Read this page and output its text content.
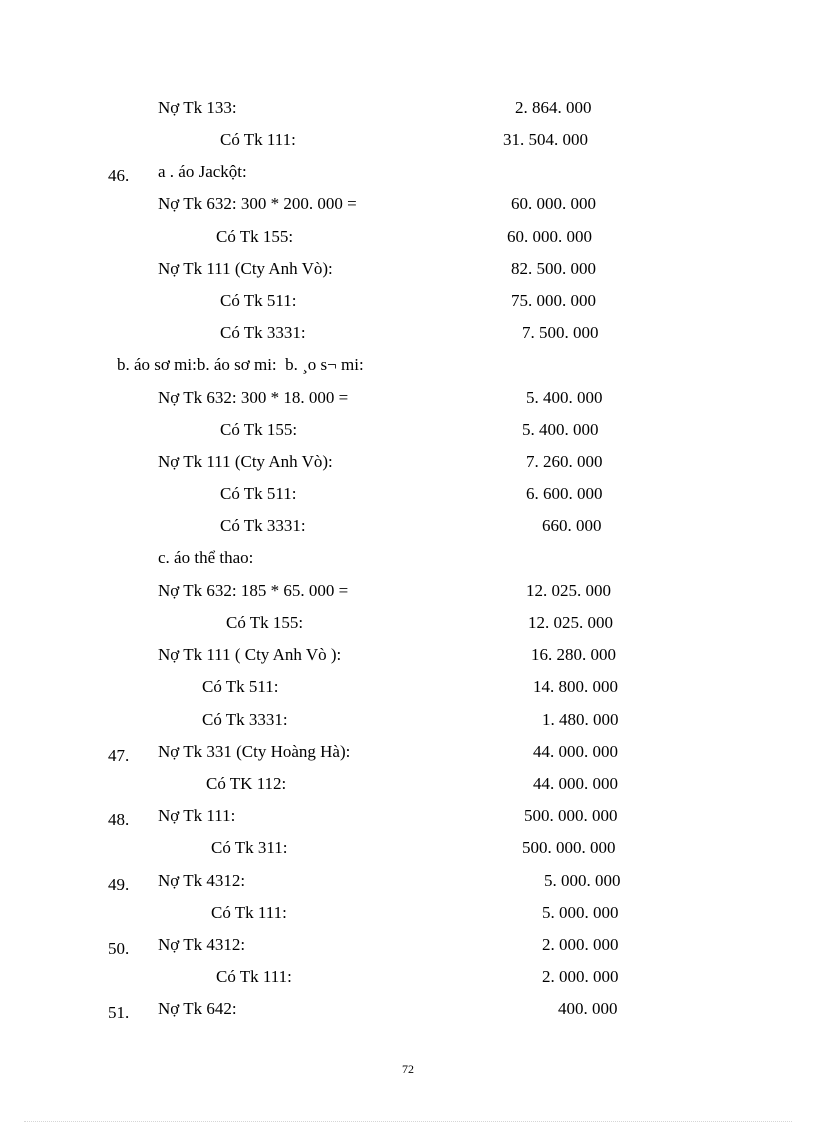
Nợ Tk 133:	2. 864. 000
Có Tk 111:	31. 504. 000
46. a . áo Jackột:
Nợ Tk 632: 300 * 200. 000 =	60. 000. 000
Có Tk 155:	60. 000. 000
Nợ Tk 111 (Cty Anh Vò):	82. 500. 000
Có Tk 511:	75. 000. 000
Có Tk 3331:	7. 500. 000
b. áo sơ mi:b. áo sơ mi:  b. ¸o s¬ mi:
Nợ Tk 632: 300 * 18. 000 =	5. 400. 000
Có Tk 155:	5. 400. 000
Nợ Tk 111 (Cty Anh Vò):	7. 260. 000
Có Tk 511:	6. 600. 000
Có Tk 3331:	660. 000
c. áo thể thao:
Nợ Tk 632: 185 * 65. 000 =	12. 025. 000
Có Tk 155:	12. 025. 000
Nợ Tk 111 ( Cty Anh Vò ):	16. 280. 000
Có Tk 511:	14. 800. 000
Có Tk 3331:	1. 480. 000
47. Nợ Tk 331 (Cty Hoàng Hà):	44. 000. 000
Có TK 112:	44. 000. 000
48. Nợ Tk 111:	500. 000. 000
Có Tk 311:	500. 000. 000
49. Nợ Tk 4312:	5. 000. 000
Có Tk 111:	5. 000. 000
50. Nợ Tk 4312:	2. 000. 000
Có Tk 111:	2. 000. 000
51. Nợ Tk 642:	400. 000
72
